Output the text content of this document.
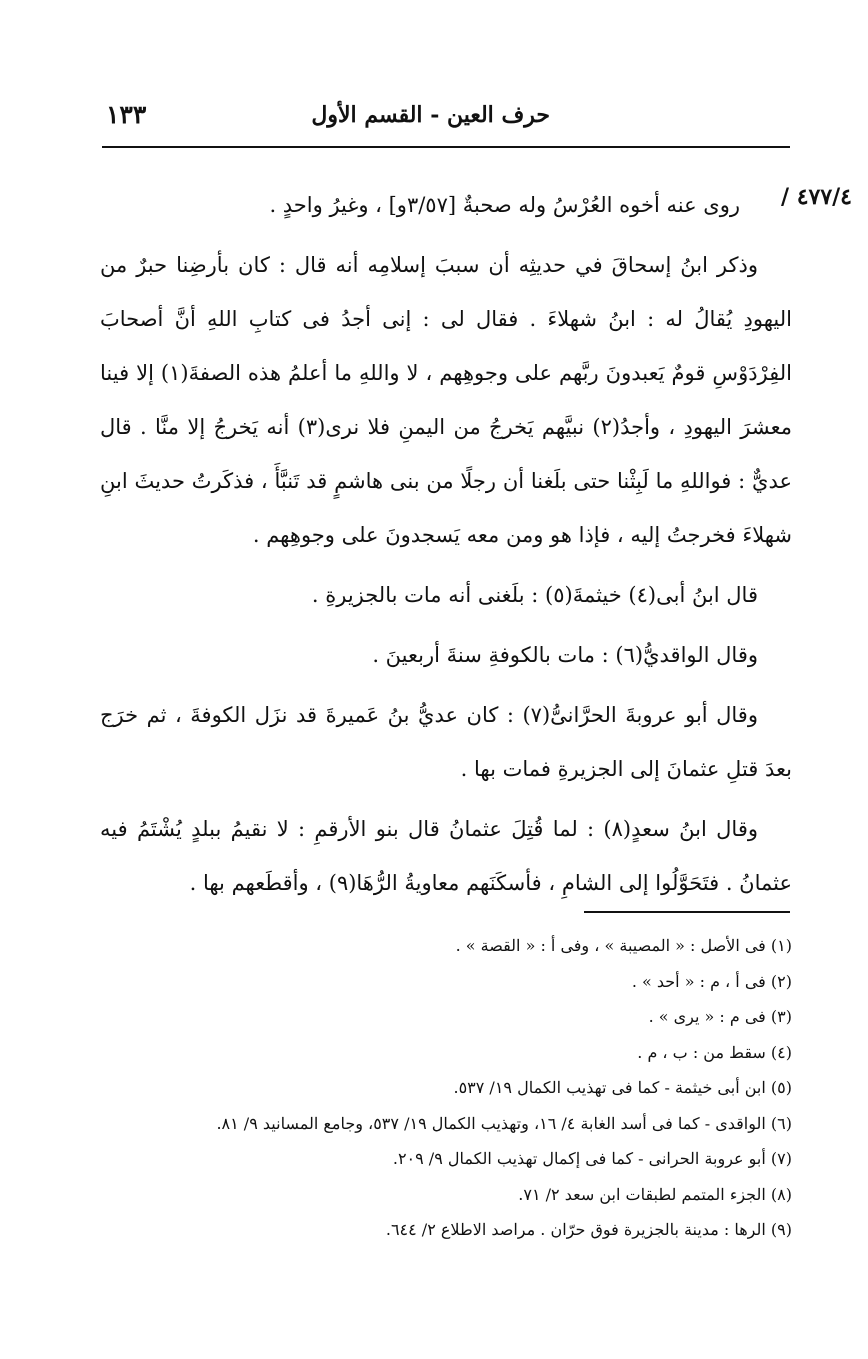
١٣٣	حرف العين - القسم الأول
٤٧٧/٤ /

روى عنه أخوه العُرْسُ وله صحبةٌ [٣/٥٧و] ، وغيرُ واحدٍ .

وذكر ابنُ إسحاقَ في حديثِه أن سببَ إسلامِه أنه قال : كان بأرضِنا حبرٌ من اليهودِ يُقالُ له : ابنُ شهلاءَ . فقال لى : إنى أجدُ فى كتابِ اللهِ أنَّ أصحابَ الفِرْدَوْسِ قومٌ يَعبدونَ ربَّهم على وجوهِهم ، لا واللهِ ما أعلمُ هذه الصفةَ(١) إلا فينا معشرَ اليهودِ ، وأجدُ(٢) نبيَّهم يَخرجُ من اليمنِ فلا نرى(٣) أنه يَخرجُ إلا منَّا . قال عديٌّ : فواللهِ ما لَبِثْنا حتى بلَغنا أن رجلًا من بنى هاشمٍ قد تَنبَّأَ ، فذكَرتُ حديثَ ابنِ شهلاءَ فخرجتُ إليه ، فإذا هو ومن معه يَسجدونَ على وجوهِهم .

قال ابنُ أبى(٤) خيثمةَ(٥) : بلَغنى أنه مات بالجزيرةِ .

وقال الواقديُّ(٦) : مات بالكوفةِ سنةَ أربعينَ .

وقال أبو عروبةَ الحرَّانىُّ(٧) : كان عديُّ بنُ عَميرةَ قد نزَل الكوفةَ ، ثم خرَج بعدَ قتلِ عثمانَ إلى الجزيرةِ فمات بها .

وقال ابنُ سعدٍ(٨) : لما قُتِلَ عثمانُ قال بنو الأرقمِ : لا نقيمُ ببلدٍ يُشْتَمُ فيه عثمانُ . فتَحَوَّلُوا إلى الشامِ ، فأسكَنَهم معاويةُ الرُّهَا(٩) ، وأقطَعهم بها .

(١) فى الأصل : « المصيبة » ، وفى أ : « القصة » .
(٢) فى أ ، م : « أحد » .
(٣) فى م : « يرى » .
(٤) سقط من : ب ، م .
(٥) ابن أبى خيثمة - كما فى تهذيب الكمال ١٩/ ٥٣٧.
(٦) الواقدى - كما فى أسد الغابة ٤/ ١٦، وتهذيب الكمال ١٩/ ٥٣٧، وجامع المسانيد ٩/ ٨١.
(٧) أبو عروبة الحرانى - كما فى إكمال تهذيب الكمال ٩/ ٢٠٩.
(٨) الجزء المتمم لطبقات ابن سعد ٢/ ٧١.
(٩) الرها : مدينة بالجزيرة فوق حرّان . مراصد الاطلاع ٢/ ٦٤٤.
